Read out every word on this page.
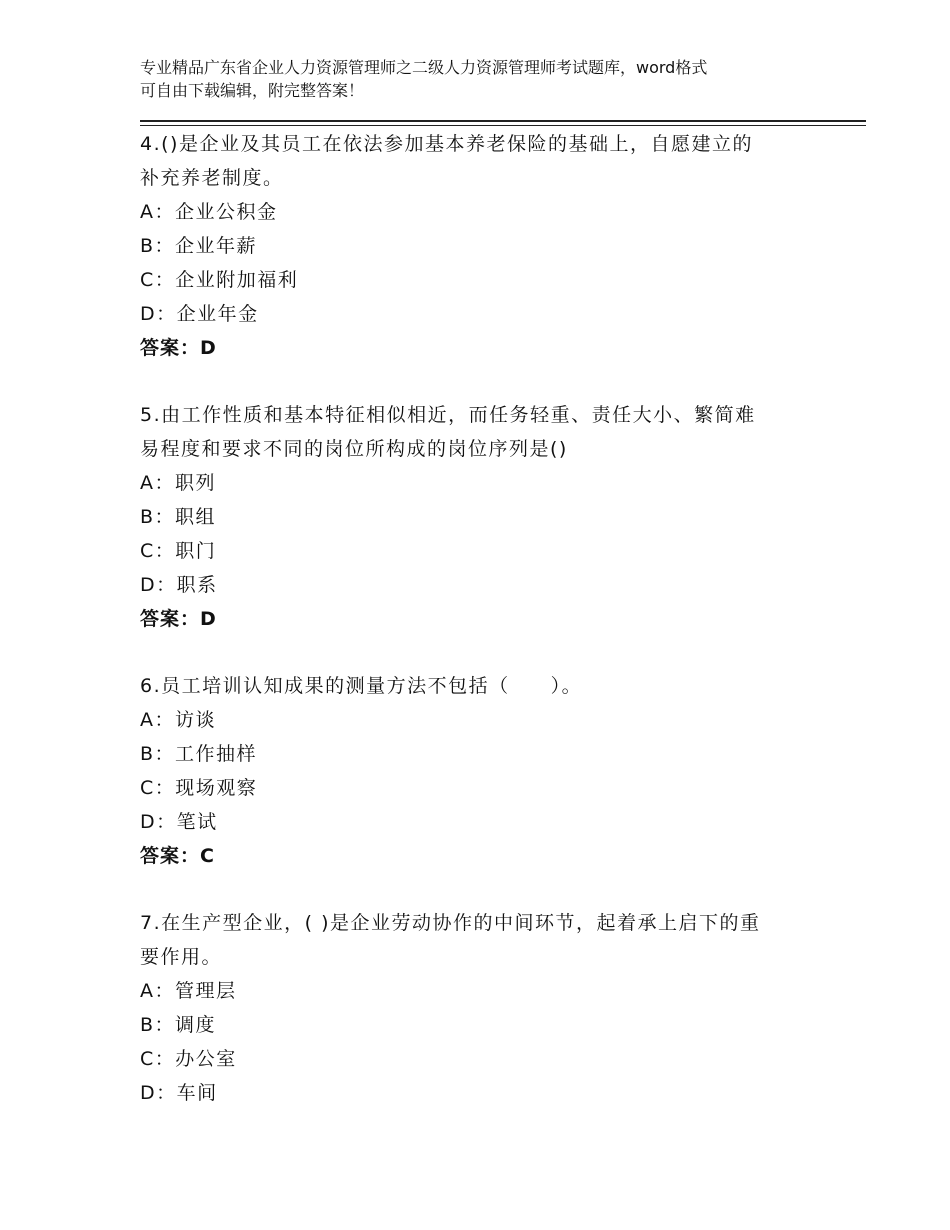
专业精品广东省企业人力资源管理师之二级人力资源管理师考试题库，word格式
可自由下载编辑，附完整答案！
4.()是企业及其员工在依法参加基本养老保险的基础上，自愿建立的
补充养老制度。
A：企业公积金
B：企业年薪
C：企业附加福利
D：企业年金
答案：D
5.由工作性质和基本特征相似相近，而任务轻重、责任大小、繁简难
易程度和要求不同的岗位所构成的岗位序列是()
A：职列
B：职组
C：职门
D：职系
答案：D
6.员工培训认知成果的测量方法不包括（　　）。
A：访谈
B：工作抽样
C：现场观察
D：笔试
答案：C
7.在生产型企业，( )是企业劳动协作的中间环节，起着承上启下的重
要作用。
A：管理层
B：调度
C：办公室
D：车间
